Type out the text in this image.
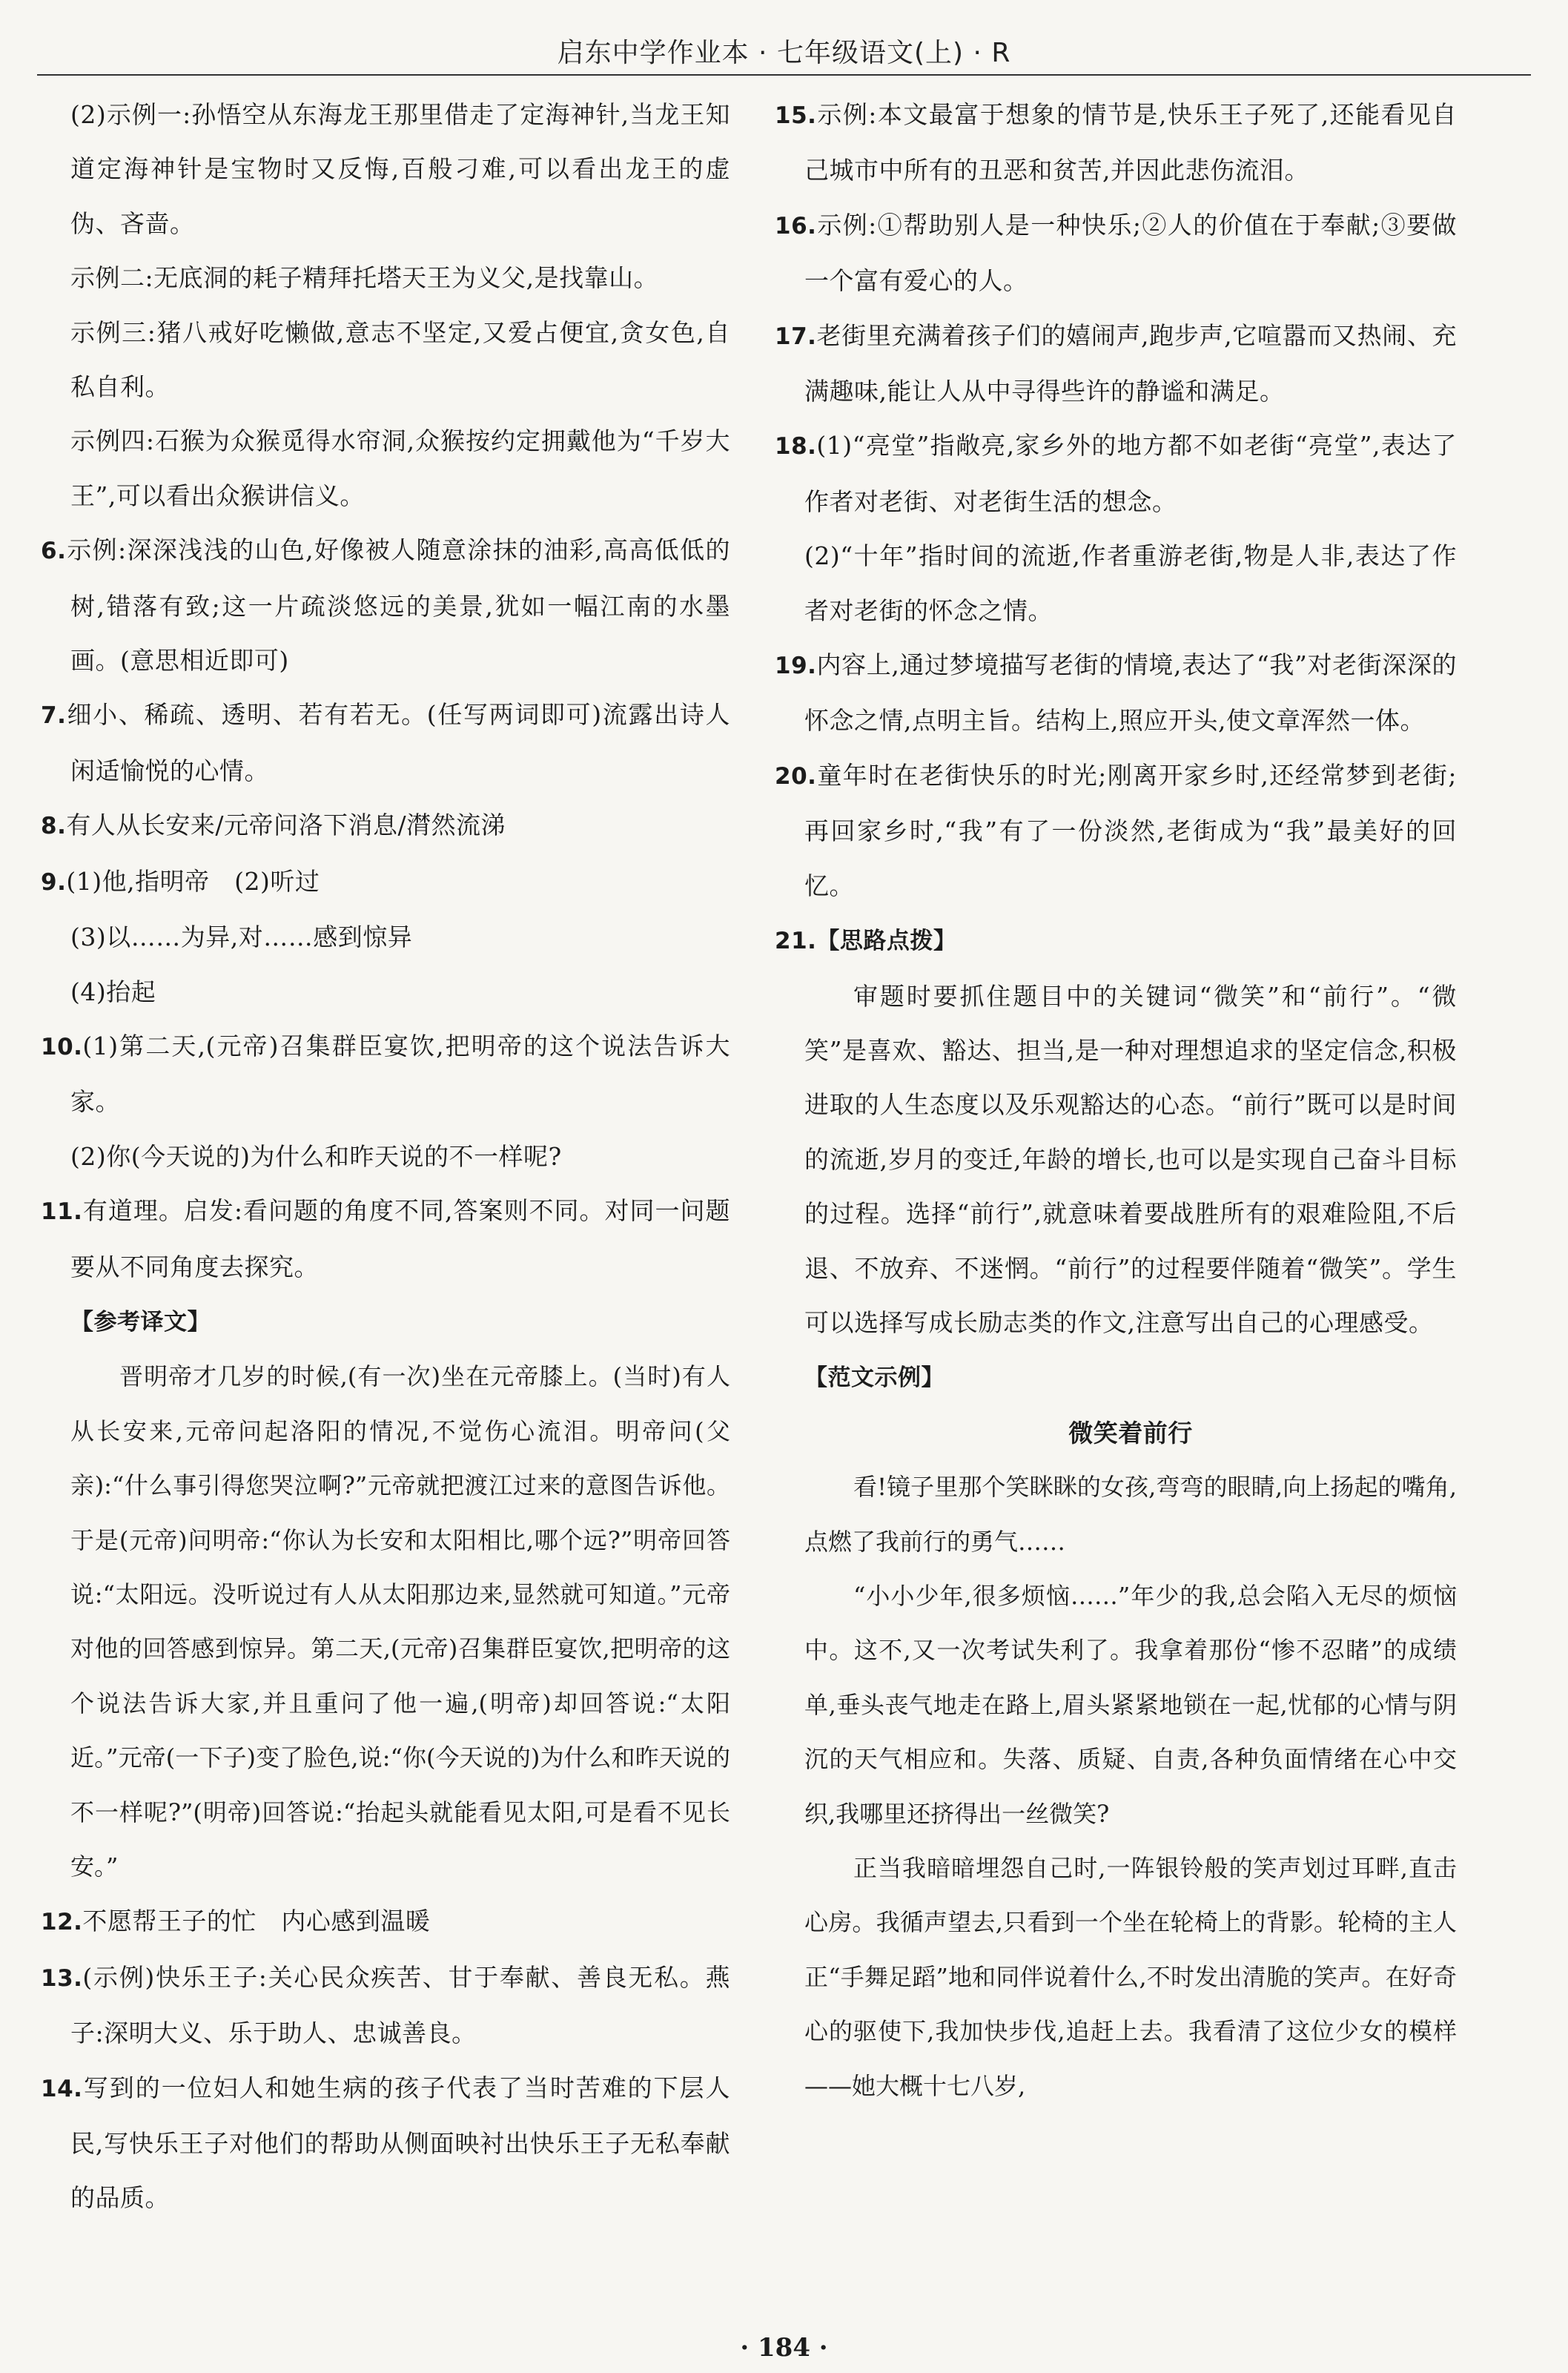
启东中学作业本 · 七年级语文(上) · R

(2)示例一:孙悟空从东海龙王那里借走了定海神针,当龙王知道定海神针是宝物时又反悔,百般刁难,可以看出龙王的虚伪、吝啬。

示例二:无底洞的耗子精拜托塔天王为义父,是找靠山。

示例三:猪八戒好吃懒做,意志不坚定,又爱占便宜,贪女色,自私自利。

示例四:石猴为众猴觅得水帘洞,众猴按约定拥戴他为“千岁大王”,可以看出众猴讲信义。

6.示例:深深浅浅的山色,好像被人随意涂抹的油彩,高高低低的树,错落有致;这一片疏淡悠远的美景,犹如一幅江南的水墨画。(意思相近即可)

7.细小、稀疏、透明、若有若无。(任写两词即可)流露出诗人闲适愉悦的心情。

8.有人从长安来/元帝问洛下消息/潸然流涕

9.(1)他,指明帝　(2)听过

(3)以……为异,对……感到惊异

(4)抬起

10.(1)第二天,(元帝)召集群臣宴饮,把明帝的这个说法告诉大家。

(2)你(今天说的)为什么和昨天说的不一样呢?

11.有道理。启发:看问题的角度不同,答案则不同。对同一问题要从不同角度去探究。

【参考译文】

晋明帝才几岁的时候,(有一次)坐在元帝膝上。(当时)有人从长安来,元帝问起洛阳的情况,不觉伤心流泪。明帝问(父亲):“什么事引得您哭泣啊?”元帝就把渡江过来的意图告诉他。于是(元帝)问明帝:“你认为长安和太阳相比,哪个远?”明帝回答说:“太阳远。没听说过有人从太阳那边来,显然就可知道。”元帝对他的回答感到惊异。第二天,(元帝)召集群臣宴饮,把明帝的这个说法告诉大家,并且重问了他一遍,(明帝)却回答说:“太阳近。”元帝(一下子)变了脸色,说:“你(今天说的)为什么和昨天说的不一样呢?”(明帝)回答说:“抬起头就能看见太阳,可是看不见长安。”

12.不愿帮王子的忙　内心感到温暖

13.(示例)快乐王子:关心民众疾苦、甘于奉献、善良无私。燕子:深明大义、乐于助人、忠诚善良。

14.写到的一位妇人和她生病的孩子代表了当时苦难的下层人民,写快乐王子对他们的帮助从侧面映衬出快乐王子无私奉献的品质。

15.示例:本文最富于想象的情节是,快乐王子死了,还能看见自己城市中所有的丑恶和贫苦,并因此悲伤流泪。

16.示例:①帮助别人是一种快乐;②人的价值在于奉献;③要做一个富有爱心的人。

17.老街里充满着孩子们的嬉闹声,跑步声,它喧嚣而又热闹、充满趣味,能让人从中寻得些许的静谧和满足。

18.(1)“亮堂”指敞亮,家乡外的地方都不如老街“亮堂”,表达了作者对老街、对老街生活的想念。

(2)“十年”指时间的流逝,作者重游老街,物是人非,表达了作者对老街的怀念之情。

19.内容上,通过梦境描写老街的情境,表达了“我”对老街深深的怀念之情,点明主旨。结构上,照应开头,使文章浑然一体。

20.童年时在老街快乐的时光;刚离开家乡时,还经常梦到老街;再回家乡时,“我”有了一份淡然,老街成为“我”最美好的回忆。

21.【思路点拨】

审题时要抓住题目中的关键词“微笑”和“前行”。“微笑”是喜欢、豁达、担当,是一种对理想追求的坚定信念,积极进取的人生态度以及乐观豁达的心态。“前行”既可以是时间的流逝,岁月的变迁,年龄的增长,也可以是实现自己奋斗目标的过程。选择“前行”,就意味着要战胜所有的艰难险阻,不后退、不放弃、不迷惘。“前行”的过程要伴随着“微笑”。学生可以选择写成长励志类的作文,注意写出自己的心理感受。

【范文示例】

微笑着前行

看!镜子里那个笑眯眯的女孩,弯弯的眼睛,向上扬起的嘴角,点燃了我前行的勇气……

“小小少年,很多烦恼……”年少的我,总会陷入无尽的烦恼中。这不,又一次考试失利了。我拿着那份“惨不忍睹”的成绩单,垂头丧气地走在路上,眉头紧紧地锁在一起,忧郁的心情与阴沉的天气相应和。失落、质疑、自责,各种负面情绪在心中交织,我哪里还挤得出一丝微笑?

正当我暗暗埋怨自己时,一阵银铃般的笑声划过耳畔,直击心房。我循声望去,只看到一个坐在轮椅上的背影。轮椅的主人正“手舞足蹈”地和同伴说着什么,不时发出清脆的笑声。在好奇心的驱使下,我加快步伐,追赶上去。我看清了这位少女的模样——她大概十七八岁,

· 184 ·
